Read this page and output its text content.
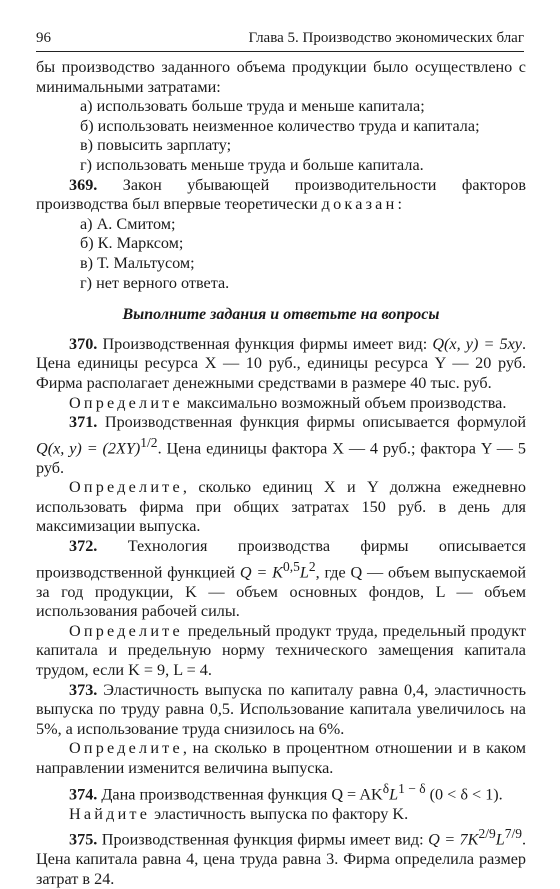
96	Глава 5. Производство экономических благ

бы производство заданного объема продукции было осуществлено с минимальными затратами:

а) использовать больше труда и меньше капитала;

б) использовать неизменное количество труда и капитала;

в) повысить зарплату;

г) использовать меньше труда и больше капитала.

369. Закон убывающей производительности факторов производства был впервые теоретически доказан:

а) А. Смитом;

б) К. Марксом;

в) Т. Мальтусом;

г) нет верного ответа.

Выполните задания и ответьте на вопросы

370. Производственная функция фирмы имеет вид: Q(x, y) = 5xy. Цена единицы ресурса X — 10 руб., единицы ресурса Y — 20 руб. Фирма располагает денежными средствами в размере 40 тыс. руб.

Определите максимально возможный объем производства.

371. Производственная функция фирмы описывается формулой Q(x, $y) = (2XY)^{1/2}$. Цена единицы фактора X — 4 руб.; фактора Y — 5 руб.

Определите, сколько единиц X и Y должна ежедневно использовать фирма при общих затратах 150 руб. в день для максимизации выпуска.

372. Технология производства фирмы описывается производственной функцией $Q = K^{0,5}L^2$, где Q — объем выпускаемой за год продукции, K — объем основных фондов, L — объем использования рабочей силы.

Определите предельный продукт труда, предельный продукт капитала и предельную норму технического замещения капитала трудом, если K = 9, L = 4.

373. Эластичность выпуска по капиталу равна 0,4, эластичность выпуска по труду равна 0,5. Использование капитала увеличилось на 5%, а использование труда снизилось на 6%.

Определите, на сколько в процентном отношении и в каком направлении изменится величина выпуска.

374. Дана производственная функция $Q = AK^\delta L^{1 - \delta}$ (0 < δ < 1).

Найдите эластичность выпуска по фактору K.

375. Производственная функция фирмы имеет вид: $Q = 7K^{2/9}L^{7/9}$. Цена капитала равна 4, цена труда равна 3. Фирма определила размер затрат в 24.
